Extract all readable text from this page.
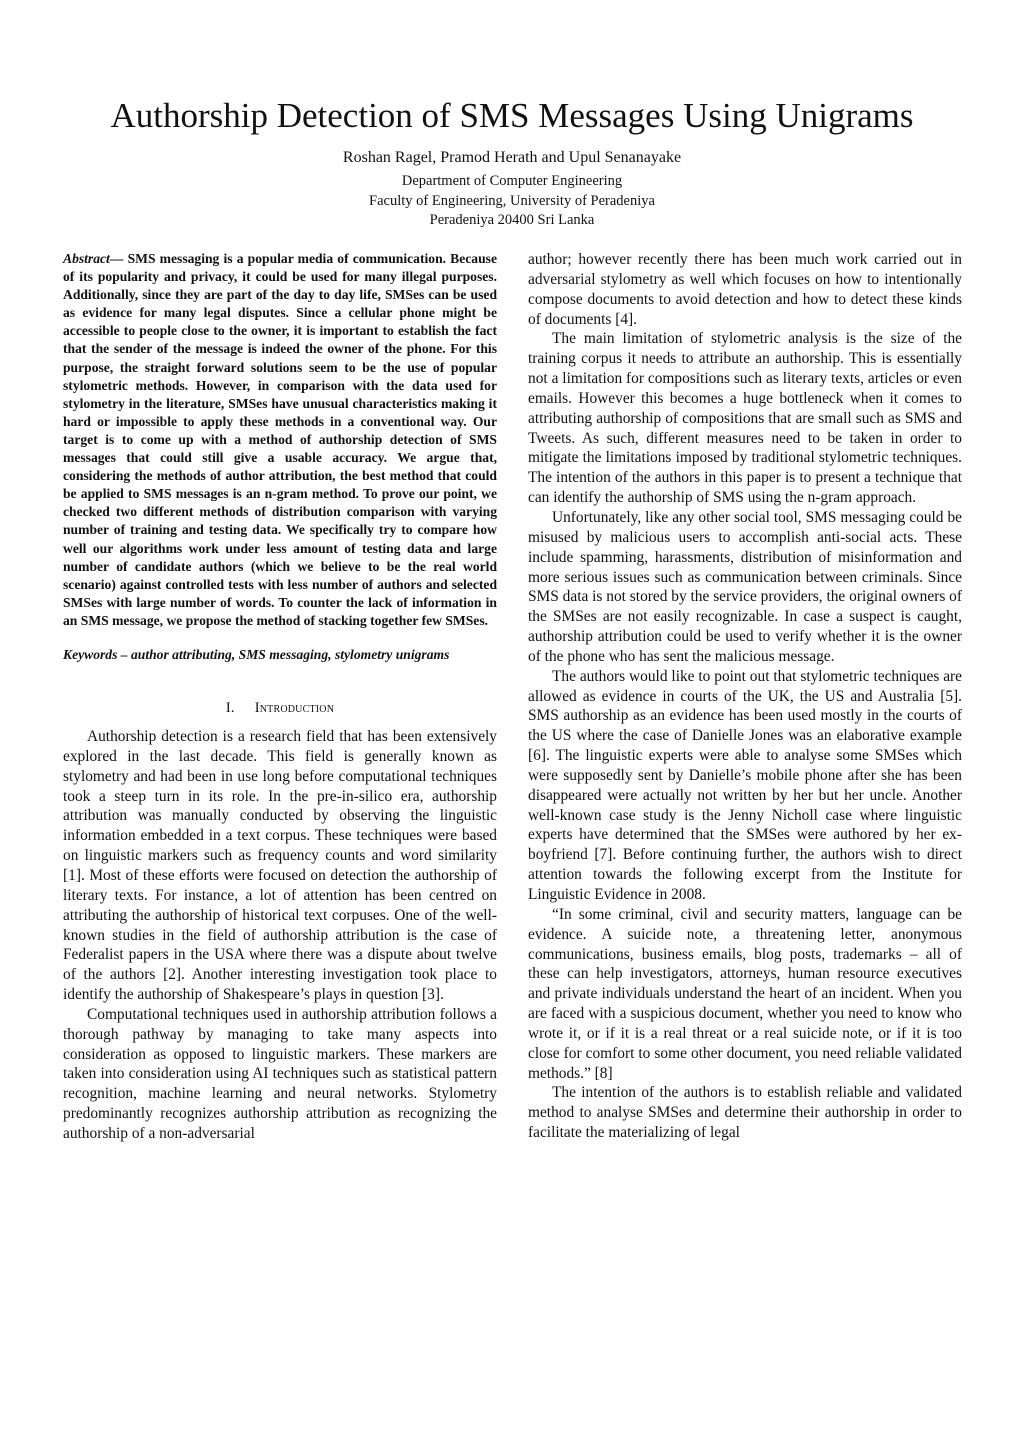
Authorship Detection of SMS Messages Using Unigrams
Roshan Ragel, Pramod Herath and Upul Senanayake
Department of Computer Engineering
Faculty of Engineering, University of Peradeniya
Peradeniya 20400 Sri Lanka

Abstract— SMS messaging is a popular media of communication. Because of its popularity and privacy, it could be used for many illegal purposes. Additionally, since they are part of the day to day life, SMSes can be used as evidence for many legal disputes. Since a cellular phone might be accessible to people close to the owner, it is important to establish the fact that the sender of the message is indeed the owner of the phone. For this purpose, the straight forward solutions seem to be the use of popular stylometric methods. However, in comparison with the data used for stylometry in the literature, SMSes have unusual characteristics making it hard or impossible to apply these methods in a conventional way. Our target is to come up with a method of authorship detection of SMS messages that could still give a usable accuracy. We argue that, considering the methods of author attribution, the best method that could be applied to SMS messages is an n-gram method. To prove our point, we checked two different methods of distribution comparison with varying number of training and testing data. We specifically try to compare how well our algorithms work under less amount of testing data and large number of candidate authors (which we believe to be the real world scenario) against controlled tests with less number of authors and selected SMSes with large number of words. To counter the lack of information in an SMS message, we propose the method of stacking together few SMSes.

Keywords – author attributing, SMS messaging, stylometry unigrams

I. Introduction

Authorship detection is a research field that has been extensively explored in the last decade. This field is generally known as stylometry and had been in use long before computational techniques took a steep turn in its role. In the pre-in-silico era, authorship attribution was manually conducted by observing the linguistic information embedded in a text corpus. These techniques were based on linguistic markers such as frequency counts and word similarity [1]. Most of these efforts were focused on detection the authorship of literary texts. For instance, a lot of attention has been centred on attributing the authorship of historical text corpuses. One of the well-known studies in the field of authorship attribution is the case of Federalist papers in the USA where there was a dispute about twelve of the authors [2]. Another interesting investigation took place to identify the authorship of Shakespeare’s plays in question [3].

Computational techniques used in authorship attribution follows a thorough pathway by managing to take many aspects into consideration as opposed to linguistic markers. These markers are taken into consideration using AI techniques such as statistical pattern recognition, machine learning and neural networks. Stylometry predominantly recognizes authorship attribution as recognizing the authorship of a non-adversarial

author; however recently there has been much work carried out in adversarial stylometry as well which focuses on how to intentionally compose documents to avoid detection and how to detect these kinds of documents [4].

The main limitation of stylometric analysis is the size of the training corpus it needs to attribute an authorship. This is essentially not a limitation for compositions such as literary texts, articles or even emails. However this becomes a huge bottleneck when it comes to attributing authorship of compositions that are small such as SMS and Tweets. As such, different measures need to be taken in order to mitigate the limitations imposed by traditional stylometric techniques. The intention of the authors in this paper is to present a technique that can identify the authorship of SMS using the n-gram approach.

Unfortunately, like any other social tool, SMS messaging could be misused by malicious users to accomplish anti-social acts. These include spamming, harassments, distribution of misinformation and more serious issues such as communication between criminals. Since SMS data is not stored by the service providers, the original owners of the SMSes are not easily recognizable. In case a suspect is caught, authorship attribution could be used to verify whether it is the owner of the phone who has sent the malicious message.

The authors would like to point out that stylometric techniques are allowed as evidence in courts of the UK, the US and Australia [5]. SMS authorship as an evidence has been used mostly in the courts of the US where the case of Danielle Jones was an elaborative example [6]. The linguistic experts were able to analyse some SMSes which were supposedly sent by Danielle’s mobile phone after she has been disappeared were actually not written by her but her uncle. Another well-known case study is the Jenny Nicholl case where linguistic experts have determined that the SMSes were authored by her ex-boyfriend [7]. Before continuing further, the authors wish to direct attention towards the following excerpt from the Institute for Linguistic Evidence in 2008.

“In some criminal, civil and security matters, language can be evidence. A suicide note, a threatening letter, anonymous communications, business emails, blog posts, trademarks – all of these can help investigators, attorneys, human resource executives and private individuals understand the heart of an incident. When you are faced with a suspicious document, whether you need to know who wrote it, or if it is a real threat or a real suicide note, or if it is too close for comfort to some other document, you need reliable validated methods.” [8]

The intention of the authors is to establish reliable and validated method to analyse SMSes and determine their authorship in order to facilitate the materializing of legal
